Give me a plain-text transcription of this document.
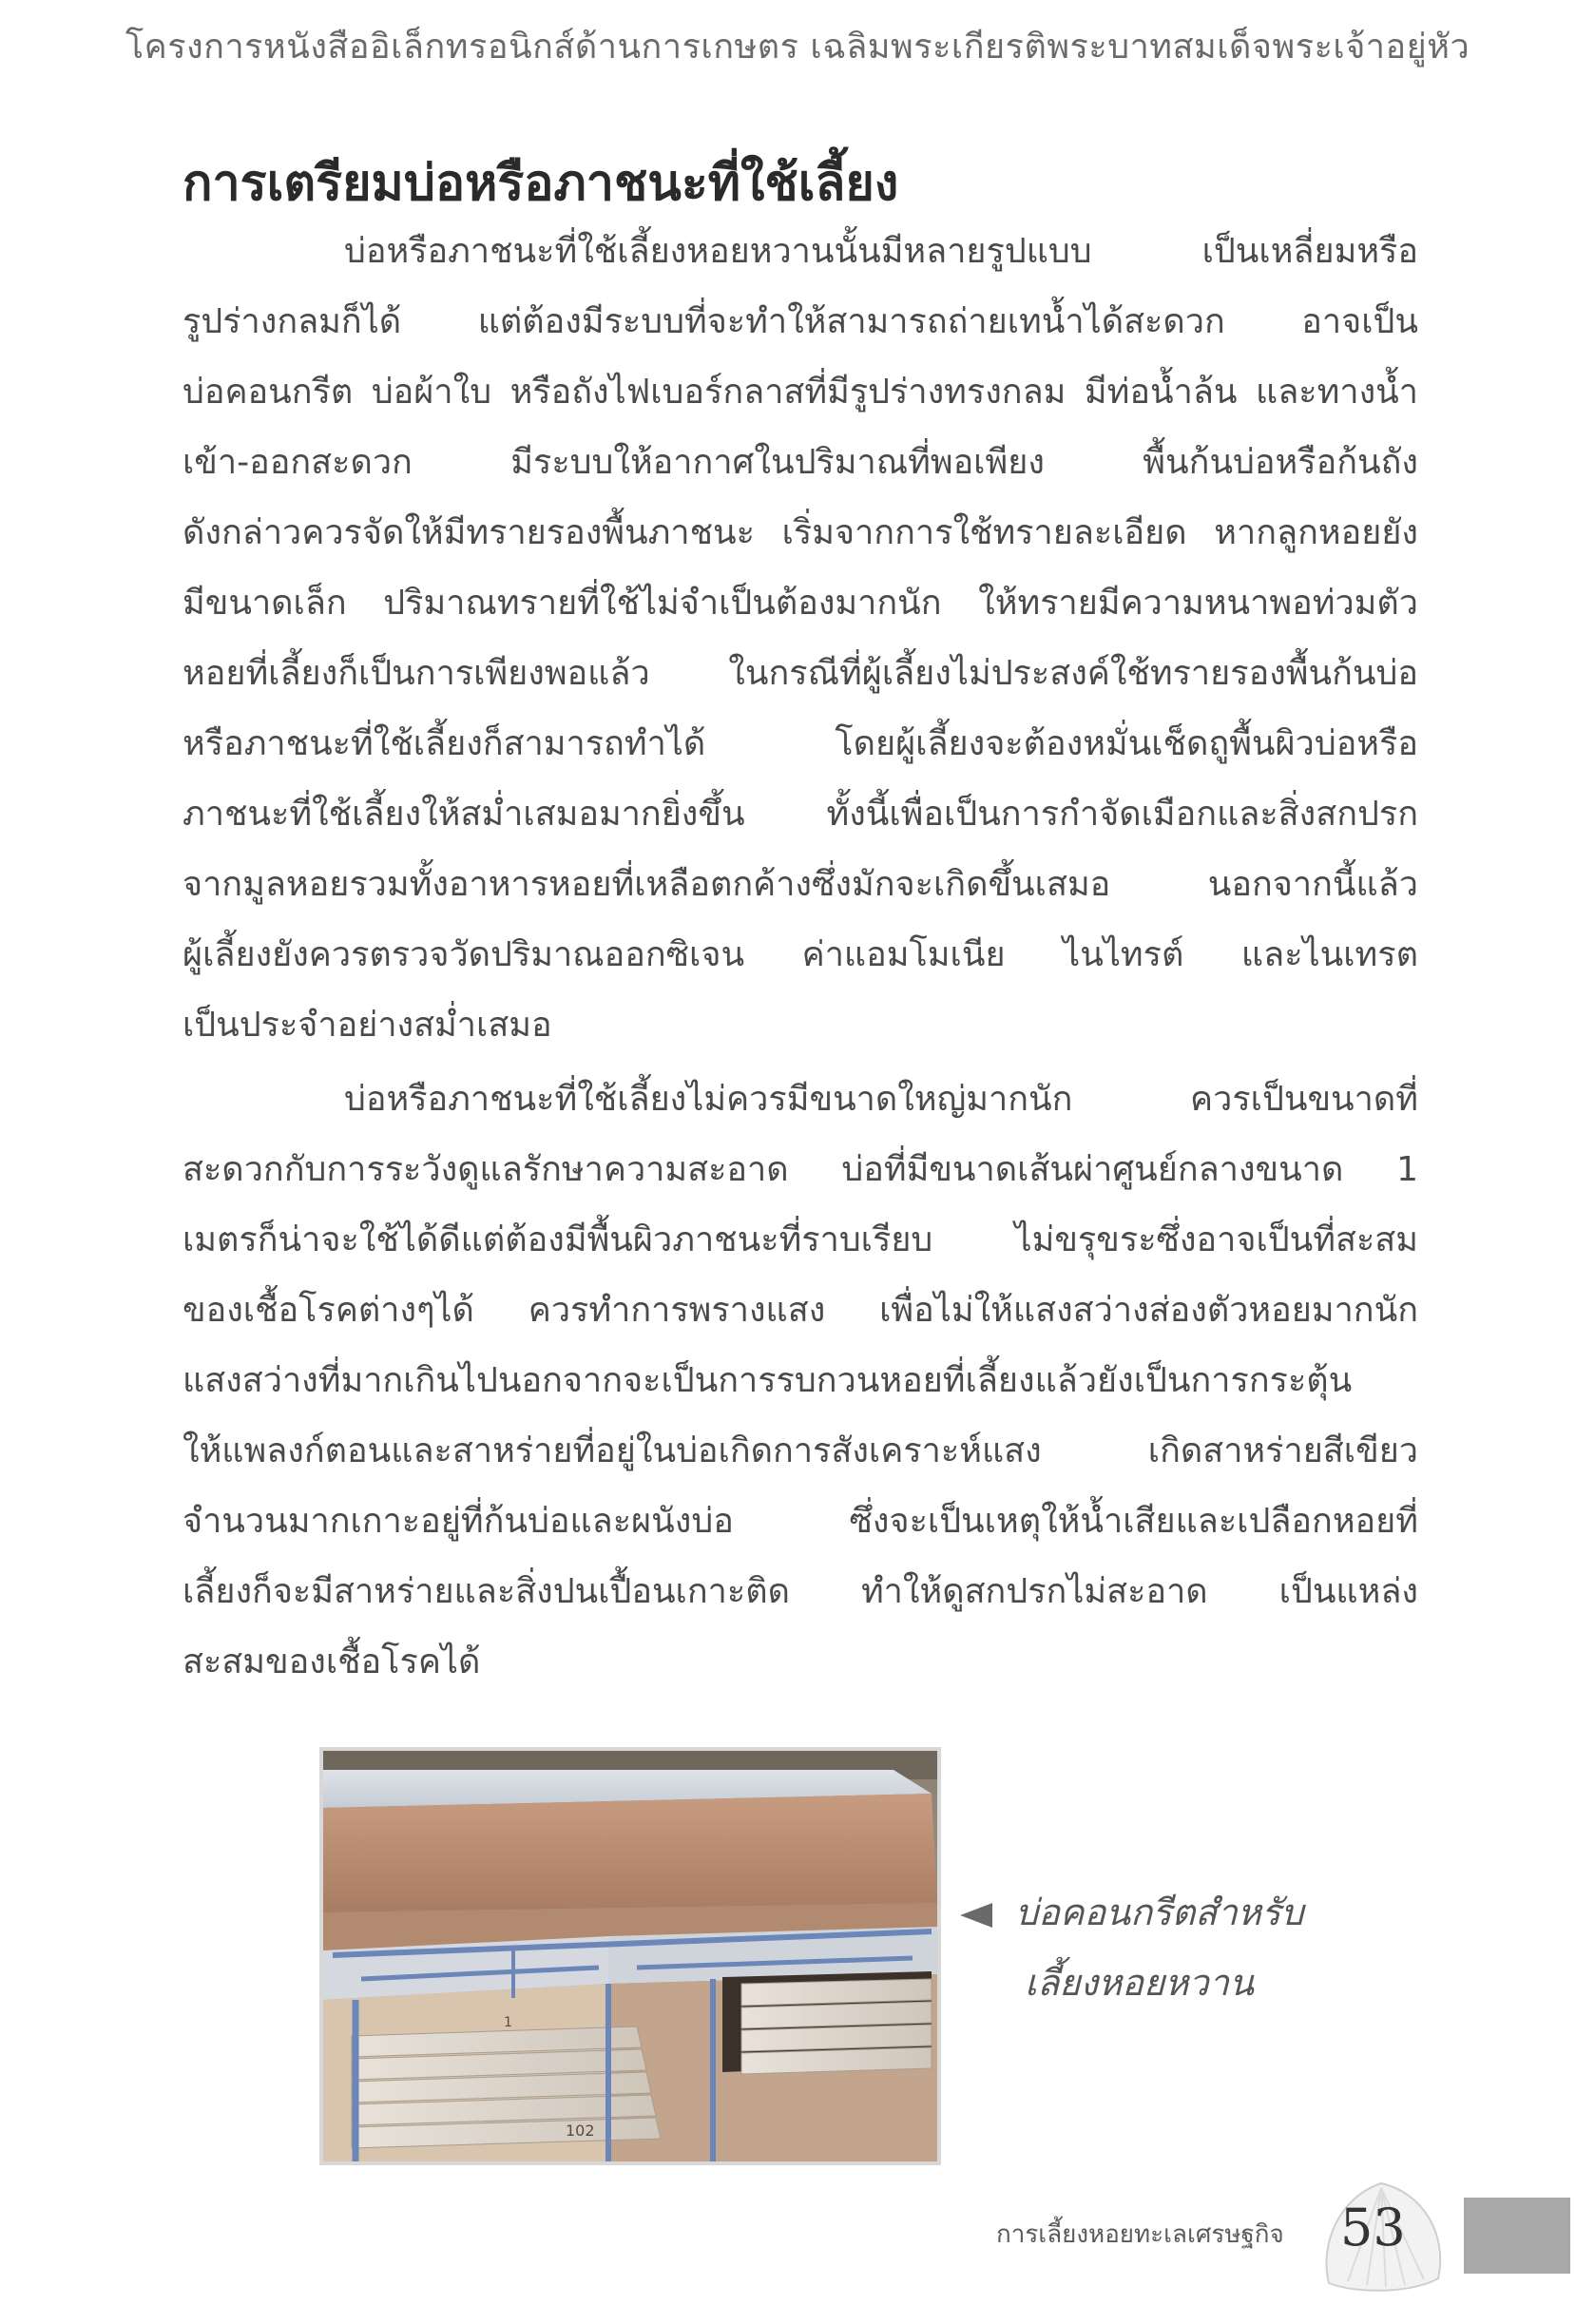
โครงการหนังสืออิเล็กทรอนิกส์ด้านการเกษตร เฉลิมพระเกียรติพระบาทสมเด็จพระเจ้าอยู่หัว
การเตรียมบ่อหรือภาชนะที่ใช้เลี้ยง
บ่อหรือภาชนะที่ใช้เลี้ยงหอยหวานนั้นมีหลายรูปแบบ เป็นเหลี่ยมหรือ
รูปร่างกลมก็ได้ แต่ต้องมีระบบที่จะทำให้สามารถถ่ายเทน้ำได้สะดวก อาจเป็น
บ่อคอนกรีต บ่อผ้าใบ หรือถังไฟเบอร์กลาสที่มีรูปร่างทรงกลม มีท่อน้ำล้น และทางน้ำ
เข้า-ออกสะดวก มีระบบให้อากาศในปริมาณที่พอเพียง พื้นก้นบ่อหรือก้นถัง
ดังกล่าวควรจัดให้มีทรายรองพื้นภาชนะ เริ่มจากการใช้ทรายละเอียด หากลูกหอยยัง
มีขนาดเล็ก ปริมาณทรายที่ใช้ไม่จำเป็นต้องมากนัก ให้ทรายมีความหนาพอท่วมตัว
หอยที่เลี้ยงก็เป็นการเพียงพอแล้ว ในกรณีที่ผู้เลี้ยงไม่ประสงค์ใช้ทรายรองพื้นก้นบ่อ
หรือภาชนะที่ใช้เลี้ยงก็สามารถทำได้ โดยผู้เลี้ยงจะต้องหมั่นเช็ดถูพื้นผิวบ่อหรือ
ภาชนะที่ใช้เลี้ยงให้สม่ำเสมอมากยิ่งขึ้น ทั้งนี้เพื่อเป็นการกำจัดเมือกและสิ่งสกปรก
จากมูลหอยรวมทั้งอาหารหอยที่เหลือตกค้างซึ่งมักจะเกิดขึ้นเสมอ นอกจากนี้แล้ว
ผู้เลี้ยงยังควรตรวจวัดปริมาณออกซิเจน ค่าแอมโมเนีย ไนไทรต์ และไนเทรต
เป็นประจำอย่างสม่ำเสมอ
บ่อหรือภาชนะที่ใช้เลี้ยงไม่ควรมีขนาดใหญ่มากนัก ควรเป็นขนาดที่
สะดวกกับการระวังดูแลรักษาความสะอาด บ่อที่มีขนาดเส้นผ่าศูนย์กลางขนาด 1
เมตรก็น่าจะใช้ได้ดีแต่ต้องมีพื้นผิวภาชนะที่ราบเรียบ ไม่ขรุขระซึ่งอาจเป็นที่สะสม
ของเชื้อโรคต่างๆได้ ควรทำการพรางแสง เพื่อไม่ให้แสงสว่างส่องตัวหอยมากนัก
แสงสว่างที่มากเกินไปนอกจากจะเป็นการรบกวนหอยที่เลี้ยงแล้วยังเป็นการกระตุ้น
ให้แพลงก์ตอนและสาหร่ายที่อยู่ในบ่อเกิดการสังเคราะห์แสง เกิดสาหร่ายสีเขียว
จำนวนมากเกาะอยู่ที่ก้นบ่อและผนังบ่อ ซึ่งจะเป็นเหตุให้น้ำเสียและเปลือกหอยที่
เลี้ยงก็จะมีสาหร่ายและสิ่งปนเปื้อนเกาะติด ทำให้ดูสกปรกไม่สะอาด เป็นแหล่ง
สะสมของเชื้อโรคได้
1
102
บ่อคอนกรีตสำหรับ
เลี้ยงหอยหวาน
การเลี้ยงหอยทะเลเศรษฐกิจ 53
